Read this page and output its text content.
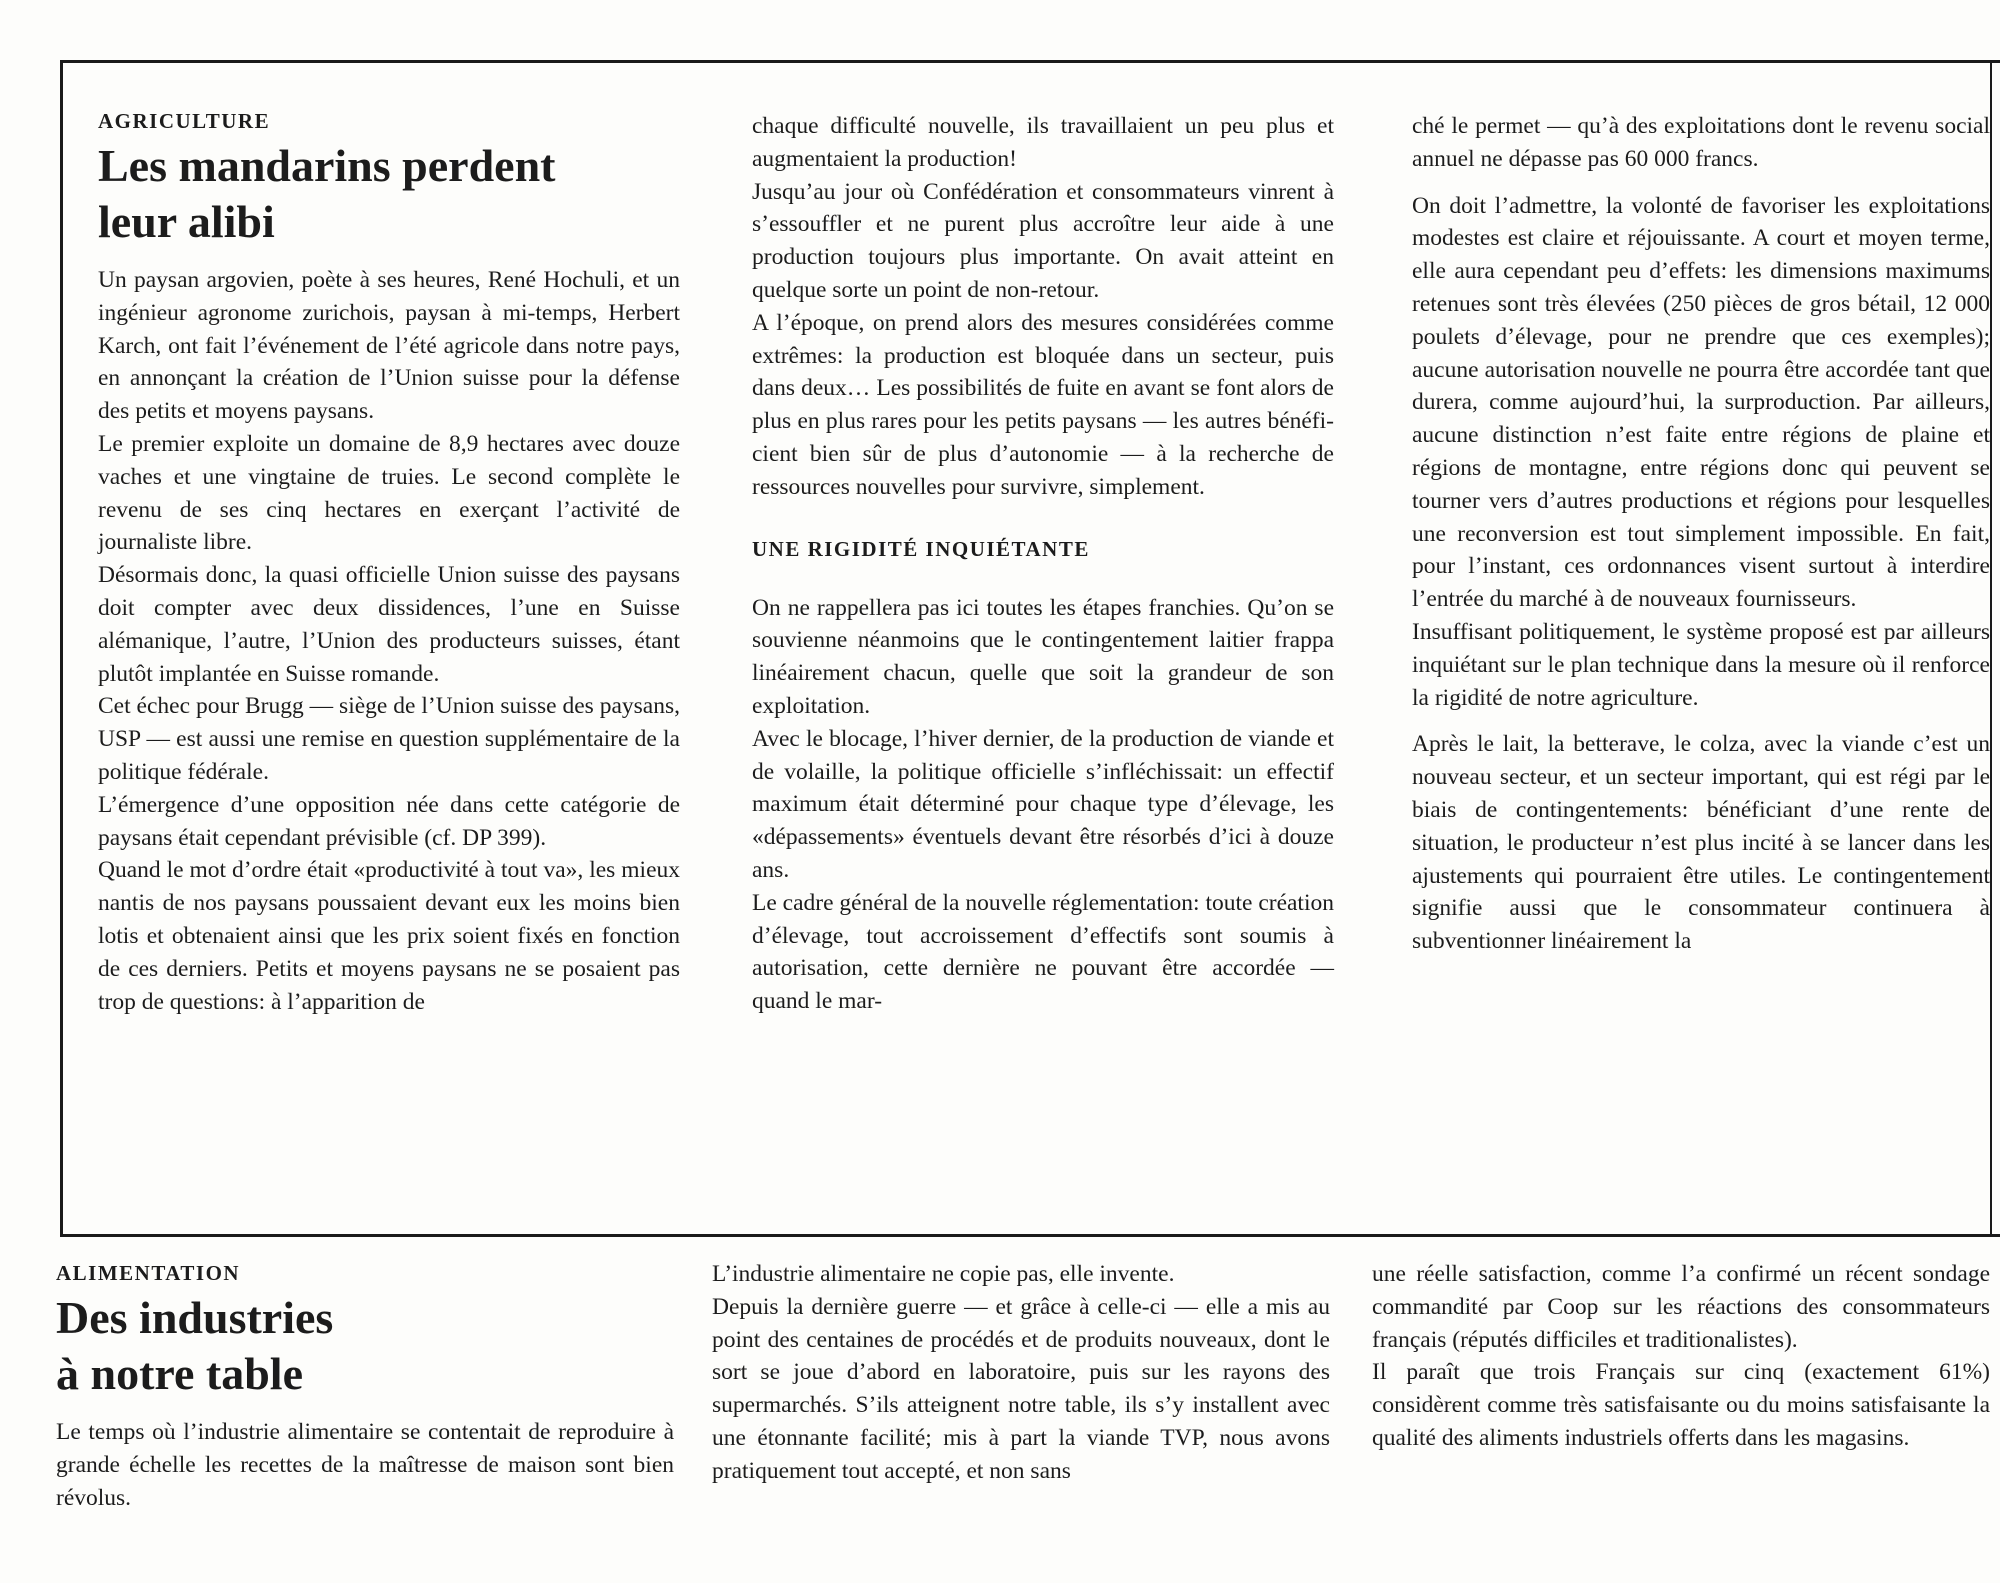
AGRICULTURE
Les mandarins perdent
leur alibi

Un paysan argovien, poète à ses heures, René Hochuli, et un ingénieur agronome zurichois, paysan à mi-temps, Herbert Karch, ont fait l’événement de l’été agricole dans notre pays, en annonçant la création de l’Union suisse pour la défense des petits et moyens paysans.

Le premier exploite un domaine de 8,9 hectares avec douze vaches et une vingtaine de truies. Le second complète le revenu de ses cinq hectares en exerçant l’activité de journaliste libre.

Désormais donc, la quasi officielle Union suisse des paysans doit compter avec deux dissidences, l’une en Suisse alémanique, l’autre, l’Union des producteurs suisses, étant plutôt implantée en Suisse romande.

Cet échec pour Brugg — siège de l’Union suisse des paysans, USP — est aussi une remise en question supplémentaire de la politique fédérale.

L’émergence d’une opposition née dans cette catégorie de paysans était cependant prévisible (cf. DP 399).

Quand le mot d’ordre était «productivité à tout va», les mieux nantis de nos paysans poussaient devant eux les moins bien lotis et obtenaient ainsi que les prix soient fixés en fonction de ces derniers. Petits et moyens paysans ne se posaient pas trop de questions: à l’apparition de

chaque difficulté nouvelle, ils travaillaient un peu plus et augmentaient la production!

Jusqu’au jour où Confédération et consommateurs vinrent à s’essouffler et ne purent plus accroître leur aide à une production toujours plus importante. On avait atteint en quelque sorte un point de non-retour.

A l’époque, on prend alors des mesures considérées comme extrêmes: la production est bloquée dans un secteur, puis dans deux… Les possibilités de fuite en avant se font alors de plus en plus rares pour les petits paysans — les autres bénéficient bien sûr de plus d’autonomie — à la recherche de ressources nouvelles pour survivre, simplement.

UNE RIGIDITÉ INQUIÉTANTE

On ne rappellera pas ici toutes les étapes franchies. Qu’on se souvienne néanmoins que le contingentement laitier frappa linéairement chacun, quelle que soit la grandeur de son exploitation.

Avec le blocage, l’hiver dernier, de la production de viande et de volaille, la politique officielle s’infléchissait: un effectif maximum était déterminé pour chaque type d’élevage, les «dépassements» éventuels devant être résorbés d’ici à douze ans.

Le cadre général de la nouvelle réglementation: toute création d’élevage, tout accroissement d’effectifs sont soumis à autorisation, cette dernière ne pouvant être accordée — quand le mar-

ché le permet — qu’à des exploitations dont le revenu social annuel ne dépasse pas 60 000 francs.

On doit l’admettre, la volonté de favoriser les exploitations modestes est claire et réjouissante. A court et moyen terme, elle aura cependant peu d’effets: les dimensions maximums retenues sont très élevées (250 pièces de gros bétail, 12 000 poulets d’élevage, pour ne prendre que ces exemples); aucune autorisation nouvelle ne pourra être accordée tant que durera, comme aujourd’hui, la surproduction. Par ailleurs, aucune distinction n’est faite entre régions de plaine et régions de montagne, entre régions donc qui peuvent se tourner vers d’autres productions et régions pour lesquelles une reconversion est tout simplement impossible. En fait, pour l’instant, ces ordonnances visent surtout à interdire l’entrée du marché à de nouveaux fournisseurs.

Insuffisant politiquement, le système proposé est par ailleurs inquiétant sur le plan technique dans la mesure où il renforce la rigidité de notre agriculture.

Après le lait, la betterave, le colza, avec la viande c’est un nouveau secteur, et un secteur important, qui est régi par le biais de contingentements: bénéficiant d’une rente de situation, le producteur n’est plus incité à se lancer dans les ajustements qui pourraient être utiles. Le contingentement signifie aussi que le consommateur continuera à subventionner linéairement la

ALIMENTATION
Des industries
à notre table

Le temps où l’industrie alimentaire se contentait de reproduire à grande échelle les recettes de la maîtresse de maison sont bien révolus.

L’industrie alimentaire ne copie pas, elle invente.

Depuis la dernière guerre — et grâce à celle-ci — elle a mis au point des centaines de procédés et de produits nouveaux, dont le sort se joue d’abord en laboratoire, puis sur les rayons des supermarchés. S’ils atteignent notre table, ils s’y installent avec une étonnante facilité; mis à part la viande TVP, nous avons pratiquement tout accepté, et non sans

une réelle satisfaction, comme l’a confirmé un récent sondage commandité par Coop sur les réactions des consommateurs français (réputés difficiles et traditionalistes).

Il paraît que trois Français sur cinq (exactement 61%) considèrent comme très satisfaisante ou du moins satisfaisante la qualité des aliments industriels offerts dans les magasins.
